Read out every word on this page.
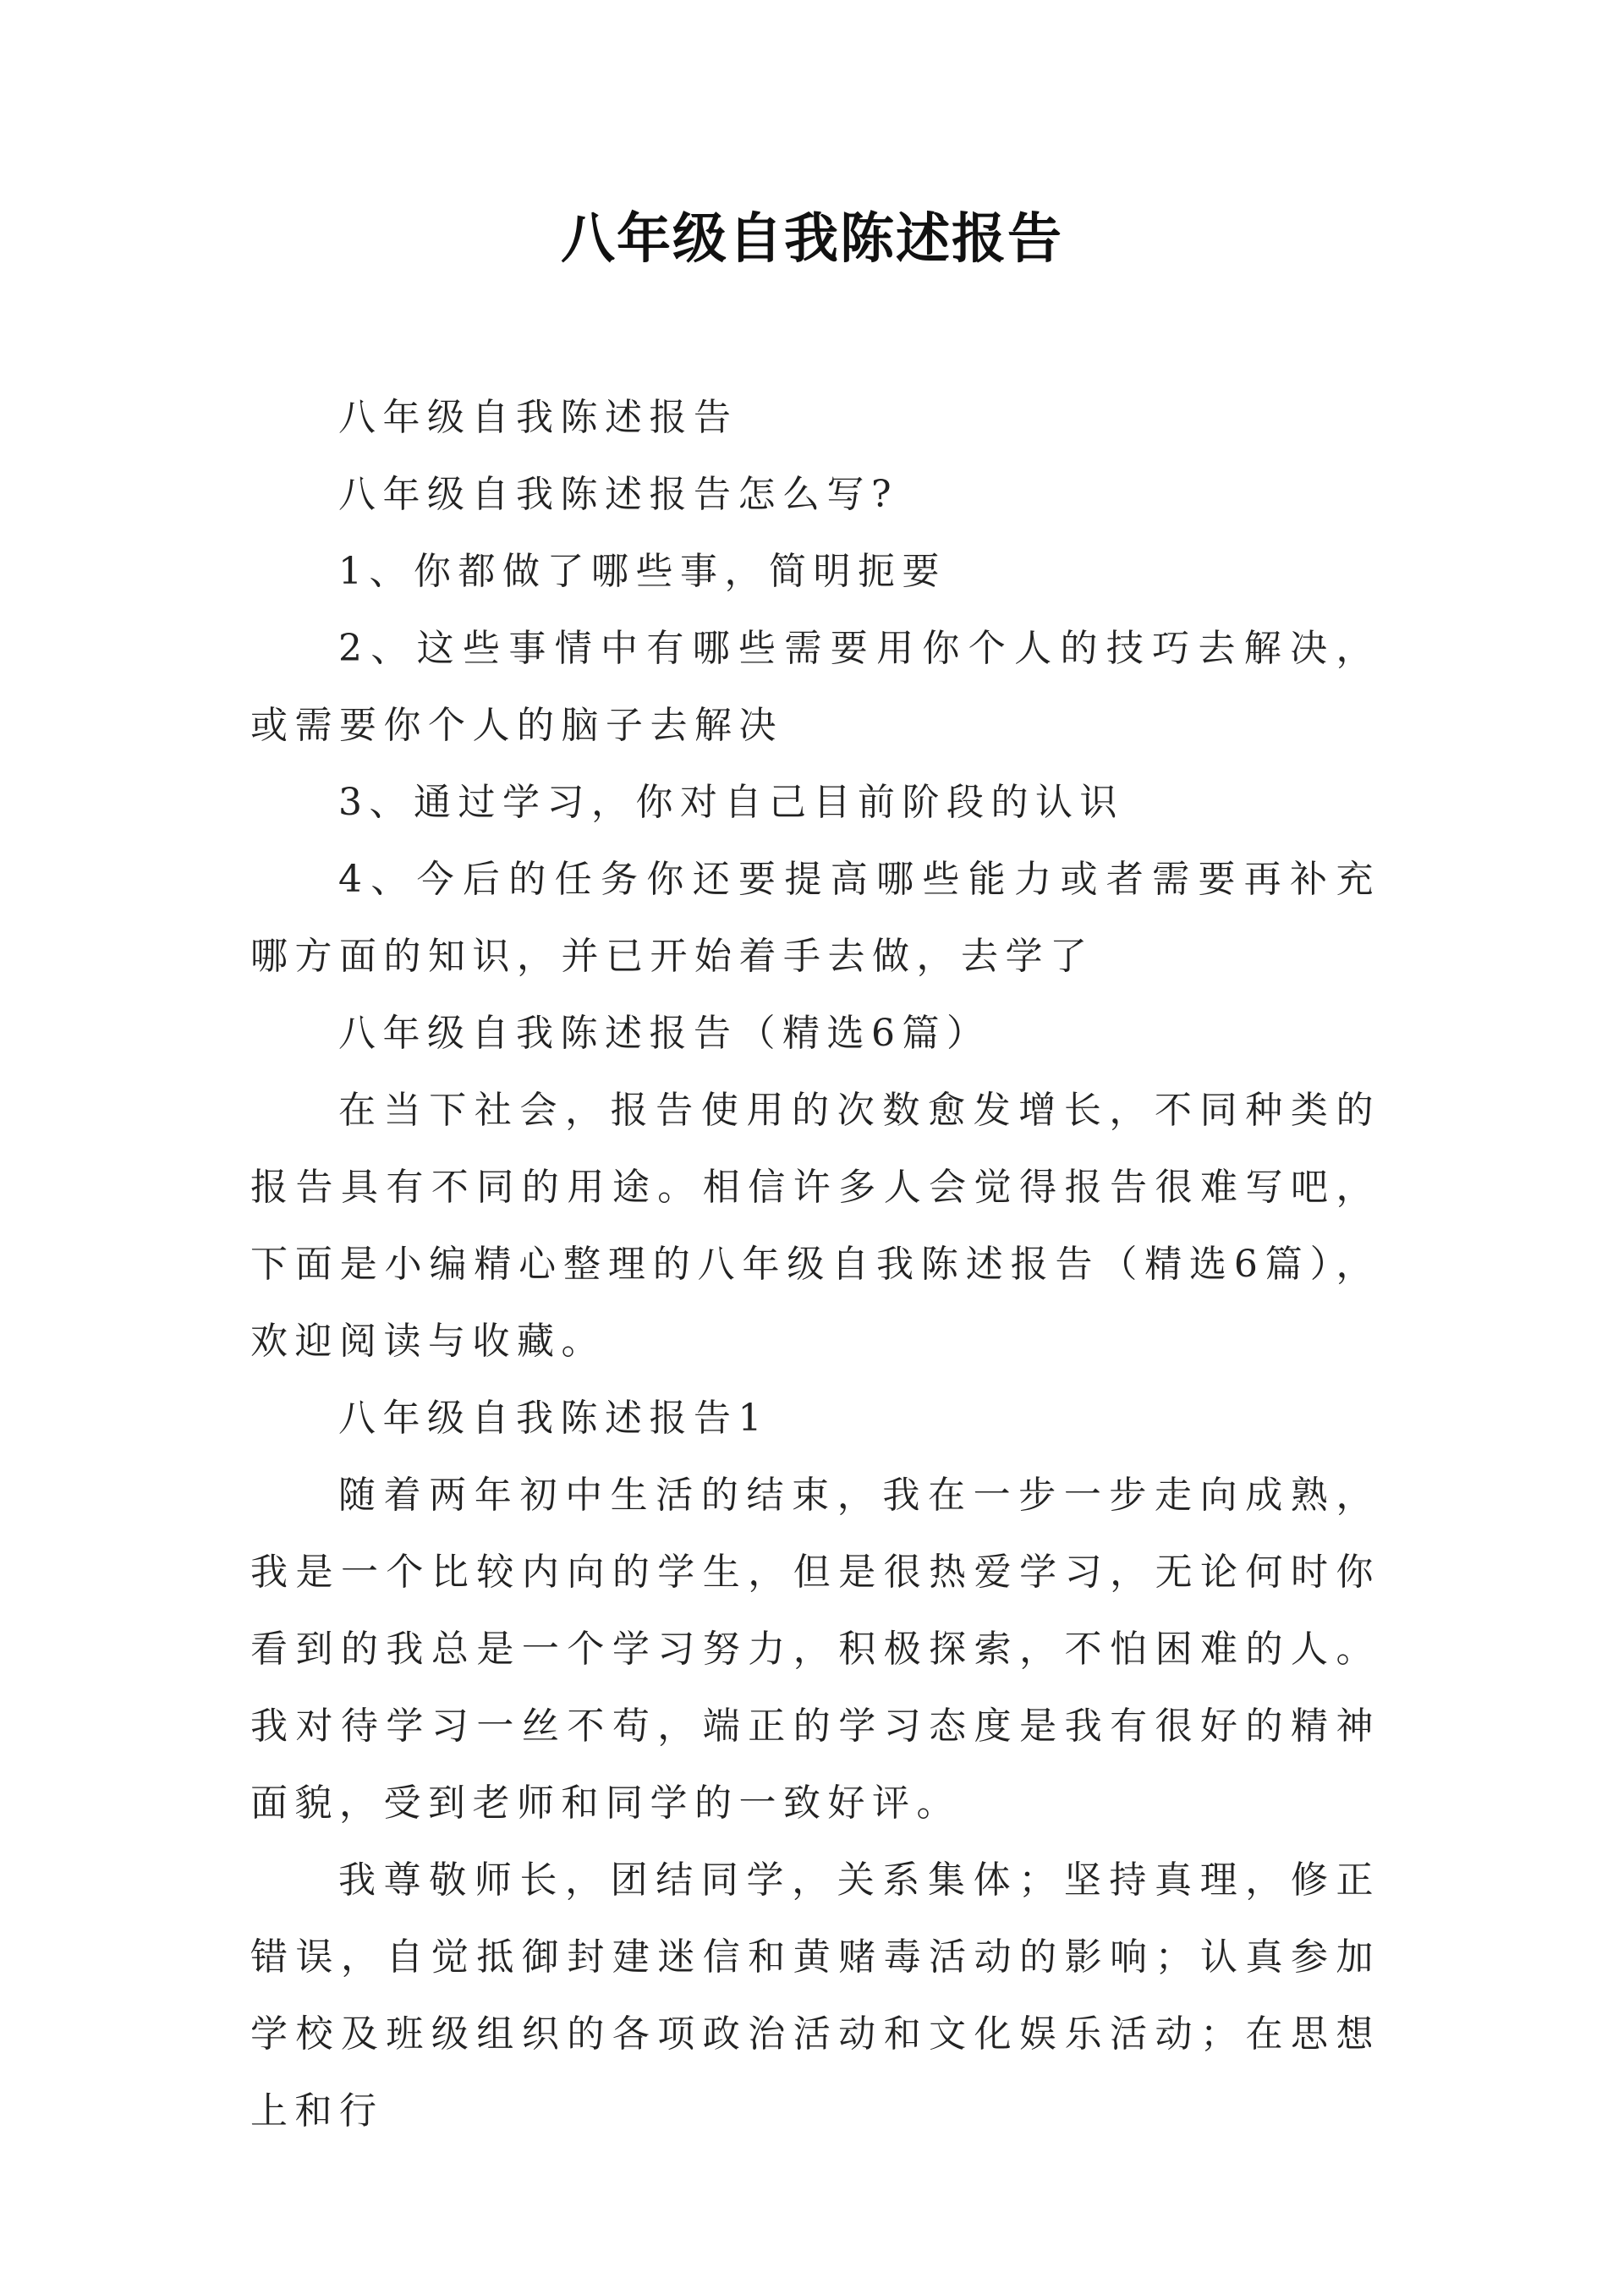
八年级自我陈述报告

八年级自我陈述报告

八年级自我陈述报告怎么写?

1、你都做了哪些事，简明扼要

2、这些事情中有哪些需要用你个人的技巧去解决，或需要你个人的脑子去解决

3、通过学习，你对自己目前阶段的认识

4、今后的任务你还要提高哪些能力或者需要再补充哪方面的知识，并已开始着手去做，去学了

八年级自我陈述报告（精选6篇）

在当下社会，报告使用的次数愈发增长，不同种类的报告具有不同的用途。相信许多人会觉得报告很难写吧，下面是小编精心整理的八年级自我陈述报告（精选6篇），欢迎阅读与收藏。

八年级自我陈述报告1

随着两年初中生活的结束，我在一步一步走向成熟，我是一个比较内向的学生，但是很热爱学习，无论何时你看到的我总是一个学习努力，积极探索，不怕困难的人。我对待学习一丝不苟，端正的学习态度是我有很好的精神面貌，受到老师和同学的一致好评。

我尊敬师长，团结同学，关系集体；坚持真理，修正错误，自觉抵御封建迷信和黄赌毒活动的影响；认真参加学校及班级组织的各项政治活动和文化娱乐活动；在思想上和行
